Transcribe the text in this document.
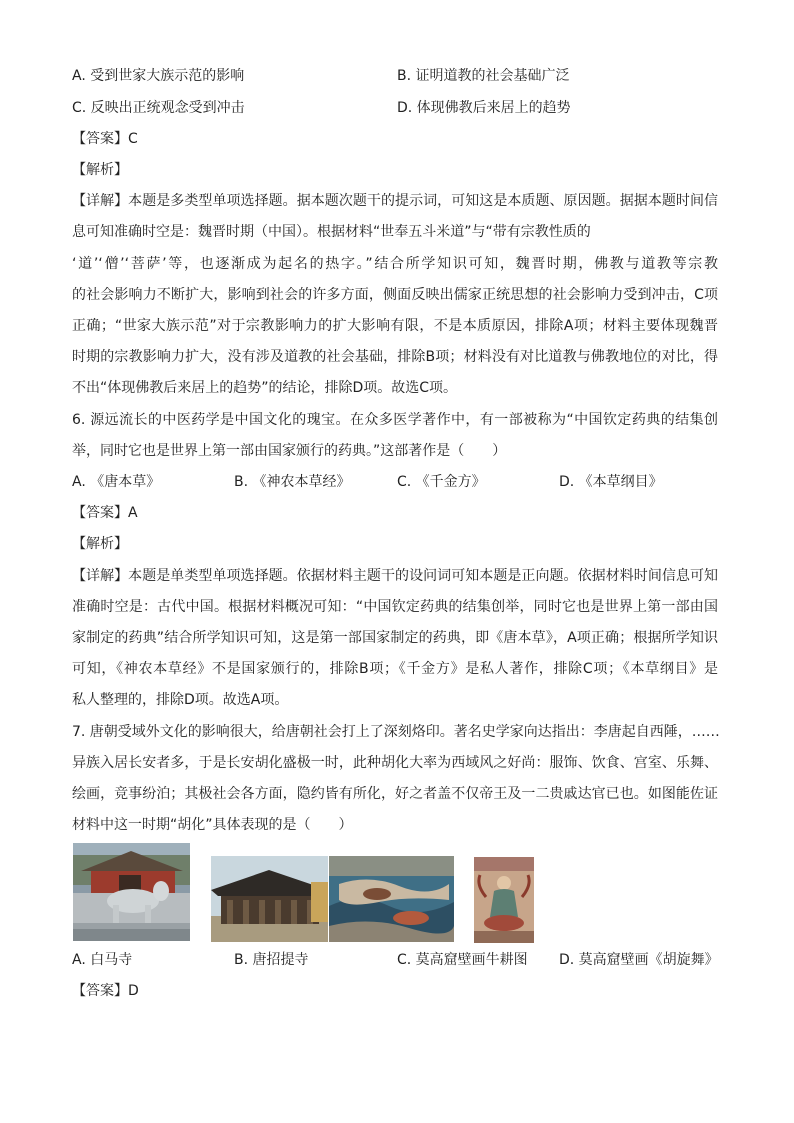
A. 受到世家大族示范的影响	B. 证明道教的社会基础广泛
C. 反映出正统观念受到冲击	D. 体现佛教后来居上的趋势
【答案】C
【解析】
【详解】本题是多类型单项选择题。据本题次题干的提示词，可知这是本质题、原因题。据据本题时间信
息可知准确时空是：魏晋时期（中国）。根据材料“世奉五斗米道”与“带有宗教性质的
‘道’‘僧’‘菩萨’等，也逐渐成为起名的热字。”结合所学知识可知，魏晋时期，佛教与道教等宗教
的社会影响力不断扩大，影响到社会的许多方面，侧面反映出儒家正统思想的社会影响力受到冲击，C项
正确；“世家大族示范”对于宗教影响力的扩大影响有限，不是本质原因，排除A项；材料主要体现魏晋
时期的宗教影响力扩大，没有涉及道教的社会基础，排除B项；材料没有对比道教与佛教地位的对比，得
不出“体现佛教后来居上的趋势”的结论，排除D项。故选C项。
6. 源远流长的中医药学是中国文化的瑰宝。在众多医学著作中，有一部被称为“中国钦定药典的结集创
举，同时它也是世界上第一部由国家颁行的药典。”这部著作是（　　）
A. 《唐本草》	B. 《神农本草经》	C. 《千金方》	D. 《本草纲目》
【答案】A
【解析】
【详解】本题是单类型单项选择题。依据材料主题干的设问词可知本题是正向题。依据材料时间信息可知
准确时空是：古代中国。根据材料概况可知：“中国钦定药典的结集创举，同时它也是世界上第一部由国
家制定的药典”结合所学知识可知，这是第一部国家制定的药典，即《唐本草》，A项正确；根据所学知识
可知，《神农本草经》不是国家颁行的，排除B项；《千金方》是私人著作，排除C项；《本草纲目》是
私人整理的，排除D项。故选A项。
7. 唐朝受域外文化的影响很大，给唐朝社会打上了深刻烙印。著名史学家向达指出：李唐起自西陲，……
异族入居长安者多，于是长安胡化盛极一时，此种胡化大率为西域风之好尚：服饰、饮食、宫室、乐舞、
绘画，竞事纷泊；其极社会各方面，隐约皆有所化，好之者盖不仅帝王及一二贵戚达官已也。如图能佐证
材料中这一时期“胡化”具体表现的是（　　）
A. 白马寺	B. 唐招提寺	C. 莫高窟壁画牛耕图 D. 莫高窟壁画《胡旋舞》
【答案】D
